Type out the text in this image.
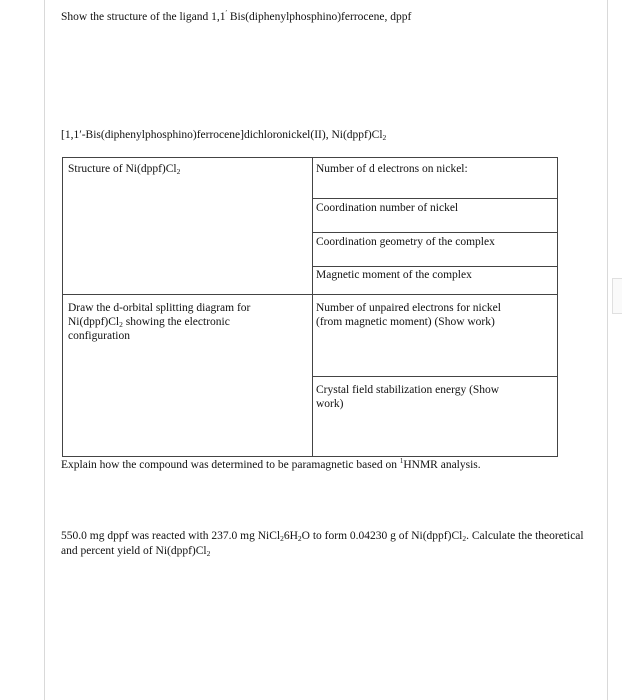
Show the structure of the ligand 1,1′ Bis(diphenylphosphino)ferrocene, dppf
[1,1′-Bis(diphenylphosphino)ferrocene]dichloronickel(II), $Ni(dppf)Cl_2$
Structure of $Ni(dppf)Cl_2$	Number of d electrons on nickel:
Coordination number of nickel
Coordination geometry of the complex
Magnetic moment of the complex
Draw the d-orbital splitting diagram for
$Ni(dppf)Cl_2$ showing the electronic
configuration
Number of unpaired electrons for nickel
(from magnetic moment) (Show work)
Crystal field stabilization energy (Show
work)
Explain how the compound was determined to be paramagnetic based on $^1$HNMR analysis.
550.0 mg dppf was reacted with 237.0 mg $NiCl_26H_2O$ to form 0.04230 g of $Ni(dppf)Cl_2$. Calculate the theoretical and percent yield of $Ni(dppf)Cl_2$
